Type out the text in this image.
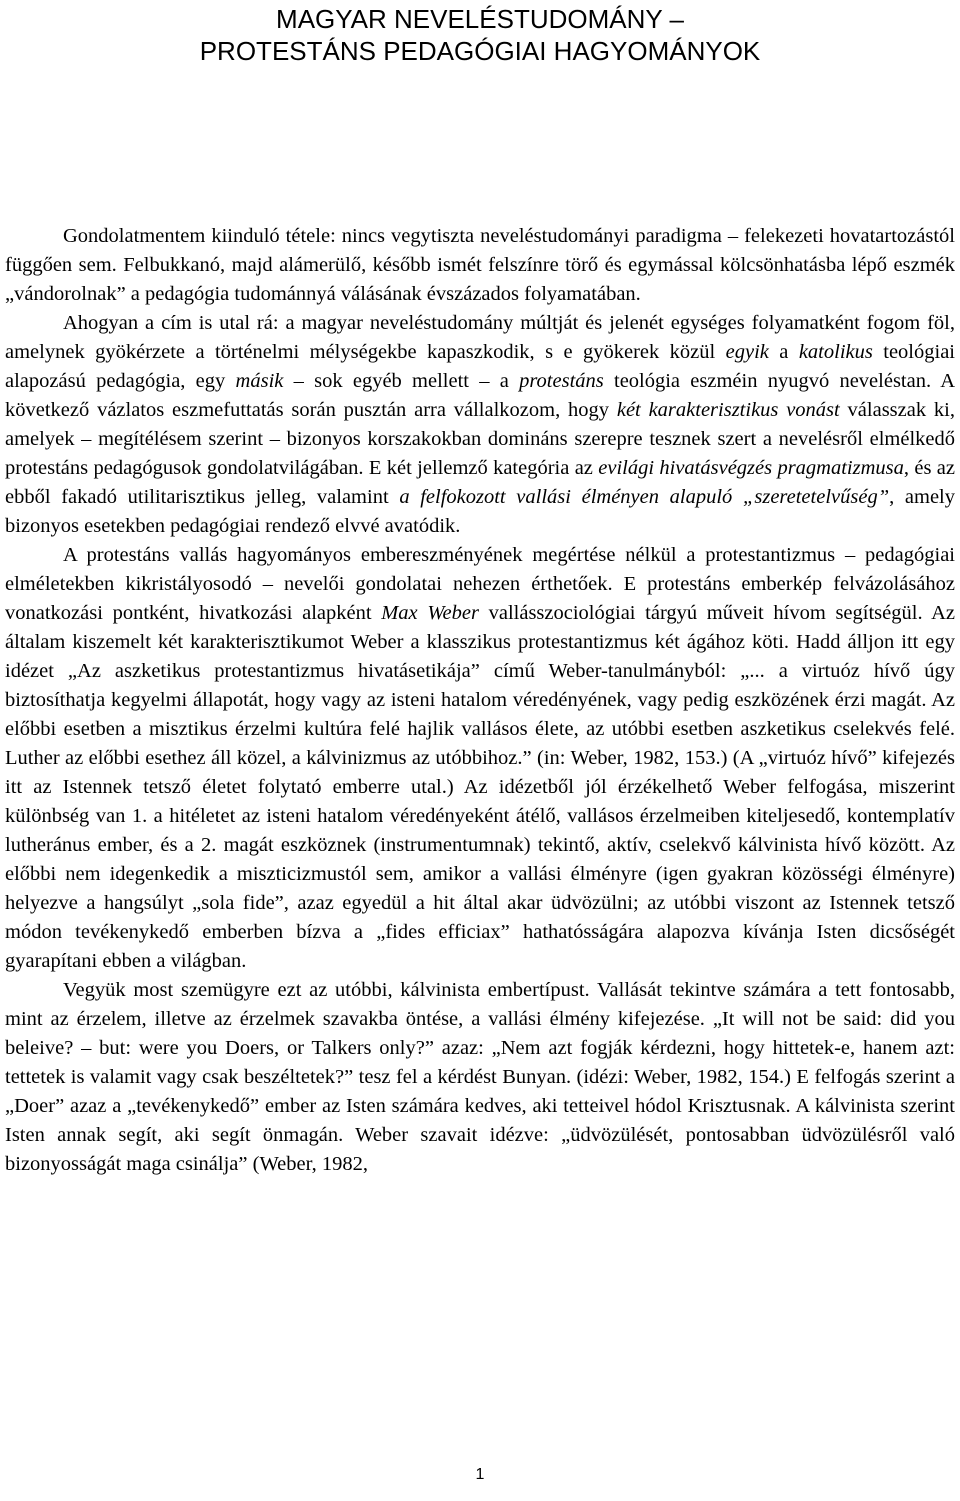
MAGYAR NEVELÉSTUDOMÁNY –
PROTESTÁNS PEDAGÓGIAI HAGYOMÁNYOK

Gondolatmentem kiinduló tétele: nincs vegytiszta neveléstudományi paradigma – felekezeti hovatartozástól függően sem. Felbukkanó, majd alámerülő, később ismét felszínre törő és egymással kölcsönhatásba lépő eszmék „vándorolnak” a pedagógia tudománnyá válásának évszázados folyamatában.

Ahogyan a cím is utal rá: a magyar neveléstudomány múltját és jelenét egységes folyamatként fogom föl, amelynek gyökérzete a történelmi mélységekbe kapaszkodik, s e gyökerek közül egyik a katolikus teológiai alapozású pedagógia, egy másik – sok egyéb mellett – a protestáns teológia eszméin nyugvó neveléstan. A következő vázlatos eszmefuttatás során pusztán arra vállalkozom, hogy két karakterisztikus vonást válasszak ki, amelyek – megítélésem szerint – bizonyos korszakokban domináns szerepre tesznek szert a nevelésről elmélkedő protestáns pedagógusok gondolatvilágában. E két jellemző kategória az evilági hivatásvégzés pragmatizmusa, és az ebből fakadó utilitarisztikus jelleg, valamint a felfokozott vallási élményen alapuló „szeretetelvűség”, amely bizonyos esetekben pedagógiai rendező elvvé avatódik.

A protestáns vallás hagyományos embereszményének megértése nélkül a protestantizmus – pedagógiai elméletekben kikristályosodó – nevelői gondolatai nehezen érthetőek. E protestáns emberkép felvázolásához vonatkozási pontként, hivatkozási alapként Max Weber vallásszociológiai tárgyú műveit hívom segítségül. Az általam kiszemelt két karakterisztikumot Weber a klasszikus protestantizmus két ágához köti. Hadd álljon itt egy idézet „Az aszketikus protestantizmus hivatásetikája” című Weber-tanulmányból: „... a virtuóz hívő úgy biztosíthatja kegyelmi állapotát, hogy vagy az isteni hatalom véredényének, vagy pedig eszközének érzi magát. Az előbbi esetben a misztikus érzelmi kultúra felé hajlik vallásos élete, az utóbbi esetben aszketikus cselekvés felé. Luther az előbbi esethez áll közel, a kálvinizmus az utóbbihoz.” (in: Weber, 1982, 153.) (A „virtuóz hívő” kifejezés itt az Istennek tetsző életet folytató emberre utal.) Az idézetből jól érzékelhető Weber felfogása, miszerint különbség van 1. a hitéletet az isteni hatalom véredényeként átélő, vallásos érzelmeiben kiteljesedő, kontemplatív lutheránus ember, és a 2. magát eszköznek (instrumentumnak) tekintő, aktív, cselekvő kálvinista hívő között. Az előbbi nem idegenkedik a miszticizmustól sem, amikor a vallási élményre (igen gyakran közösségi élményre) helyezve a hangsúlyt „sola fide”, azaz egyedül a hit által akar üdvözülni; az utóbbi viszont az Istennek tetsző módon tevékenykedő emberben bízva a „fides efficiax” hathatósságára alapozva kívánja Isten dicsőségét gyarapítani ebben a világban.

Vegyük most szemügyre ezt az utóbbi, kálvinista embertípust. Vallását tekintve számára a tett fontosabb, mint az érzelem, illetve az érzelmek szavakba öntése, a vallási élmény kifejezése. „It will not be said: did you beleive? – but: were you Doers, or Talkers only?” azaz: „Nem azt fogják kérdezni, hogy hittetek-e, hanem azt: tettetek is valamit vagy csak beszéltetek?” tesz fel a kérdést Bunyan. (idézi: Weber, 1982, 154.) E felfogás szerint a „Doer” azaz a „tevékenykedő” ember az Isten számára kedves, aki tetteivel hódol Krisztusnak. A kálvinista szerint Isten annak segít, aki segít önmagán. Weber szavait idézve: „üdvözülését, pontosabban üdvözülésről való bizonyosságát maga csinálja” (Weber, 1982,

1
